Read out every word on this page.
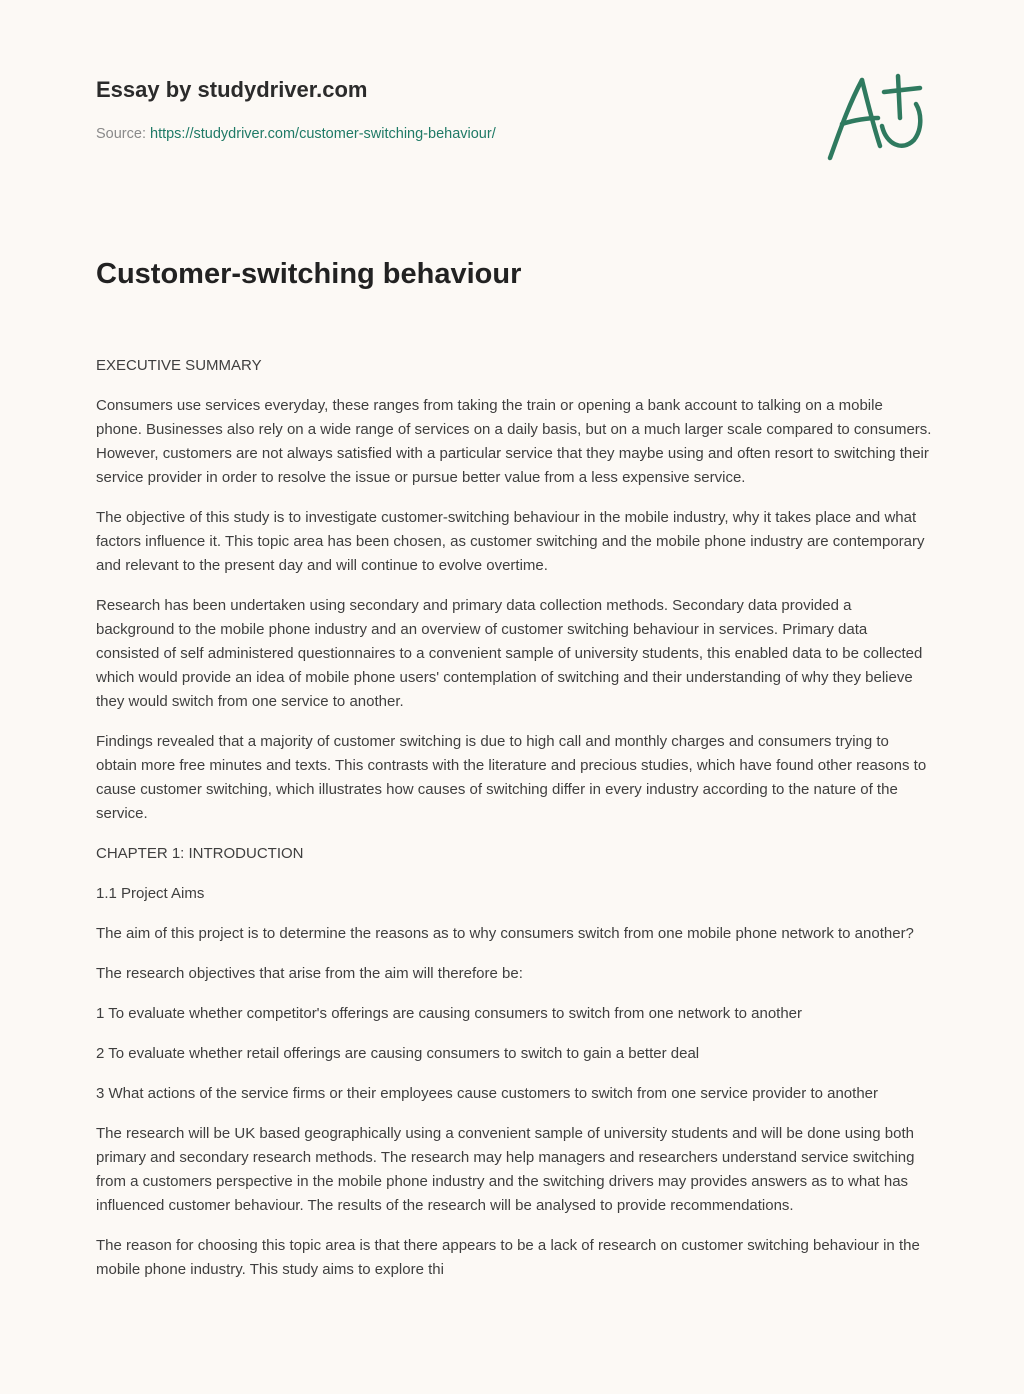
Essay by studydriver.com
Source: https://studydriver.com/customer-switching-behaviour/
Customer-switching behaviour

EXECUTIVE SUMMARY

Consumers use services everyday, these ranges from taking the train or opening a bank account to talking on a mobile phone. Businesses also rely on a wide range of services on a daily basis, but on a much larger scale compared to consumers. However, customers are not always satisfied with a particular service that they maybe using and often resort to switching their service provider in order to resolve the issue or pursue better value from a less expensive service.

The objective of this study is to investigate customer-switching behaviour in the mobile industry, why it takes place and what factors influence it. This topic area has been chosen, as customer switching and the mobile phone industry are contemporary and relevant to the present day and will continue to evolve overtime.

Research has been undertaken using secondary and primary data collection methods. Secondary data provided a background to the mobile phone industry and an overview of customer switching behaviour in services. Primary data consisted of self administered questionnaires to a convenient sample of university students, this enabled data to be collected which would provide an idea of mobile phone users' contemplation of switching and their understanding of why they believe they would switch from one service to another.

Findings revealed that a majority of customer switching is due to high call and monthly charges and consumers trying to obtain more free minutes and texts. This contrasts with the literature and precious studies, which have found other reasons to cause customer switching, which illustrates how causes of switching differ in every industry according to the nature of the service.

CHAPTER 1: INTRODUCTION

1.1 Project Aims

The aim of this project is to determine the reasons as to why consumers switch from one mobile phone network to another?

The research objectives that arise from the aim will therefore be:

1 To evaluate whether competitor's offerings are causing consumers to switch from one network to another

2 To evaluate whether retail offerings are causing consumers to switch to gain a better deal

3 What actions of the service firms or their employees cause customers to switch from one service provider to another

The research will be UK based geographically using a convenient sample of university students and will be done using both primary and secondary research methods. The research may help managers and researchers understand service switching from a customers perspective in the mobile phone industry and the switching drivers may provides answers as to what has influenced customer behaviour. The results of the research will be analysed to provide recommendations.

The reason for choosing this topic area is that there appears to be a lack of research on customer switching behaviour in the mobile phone industry. This study aims to explore thi
